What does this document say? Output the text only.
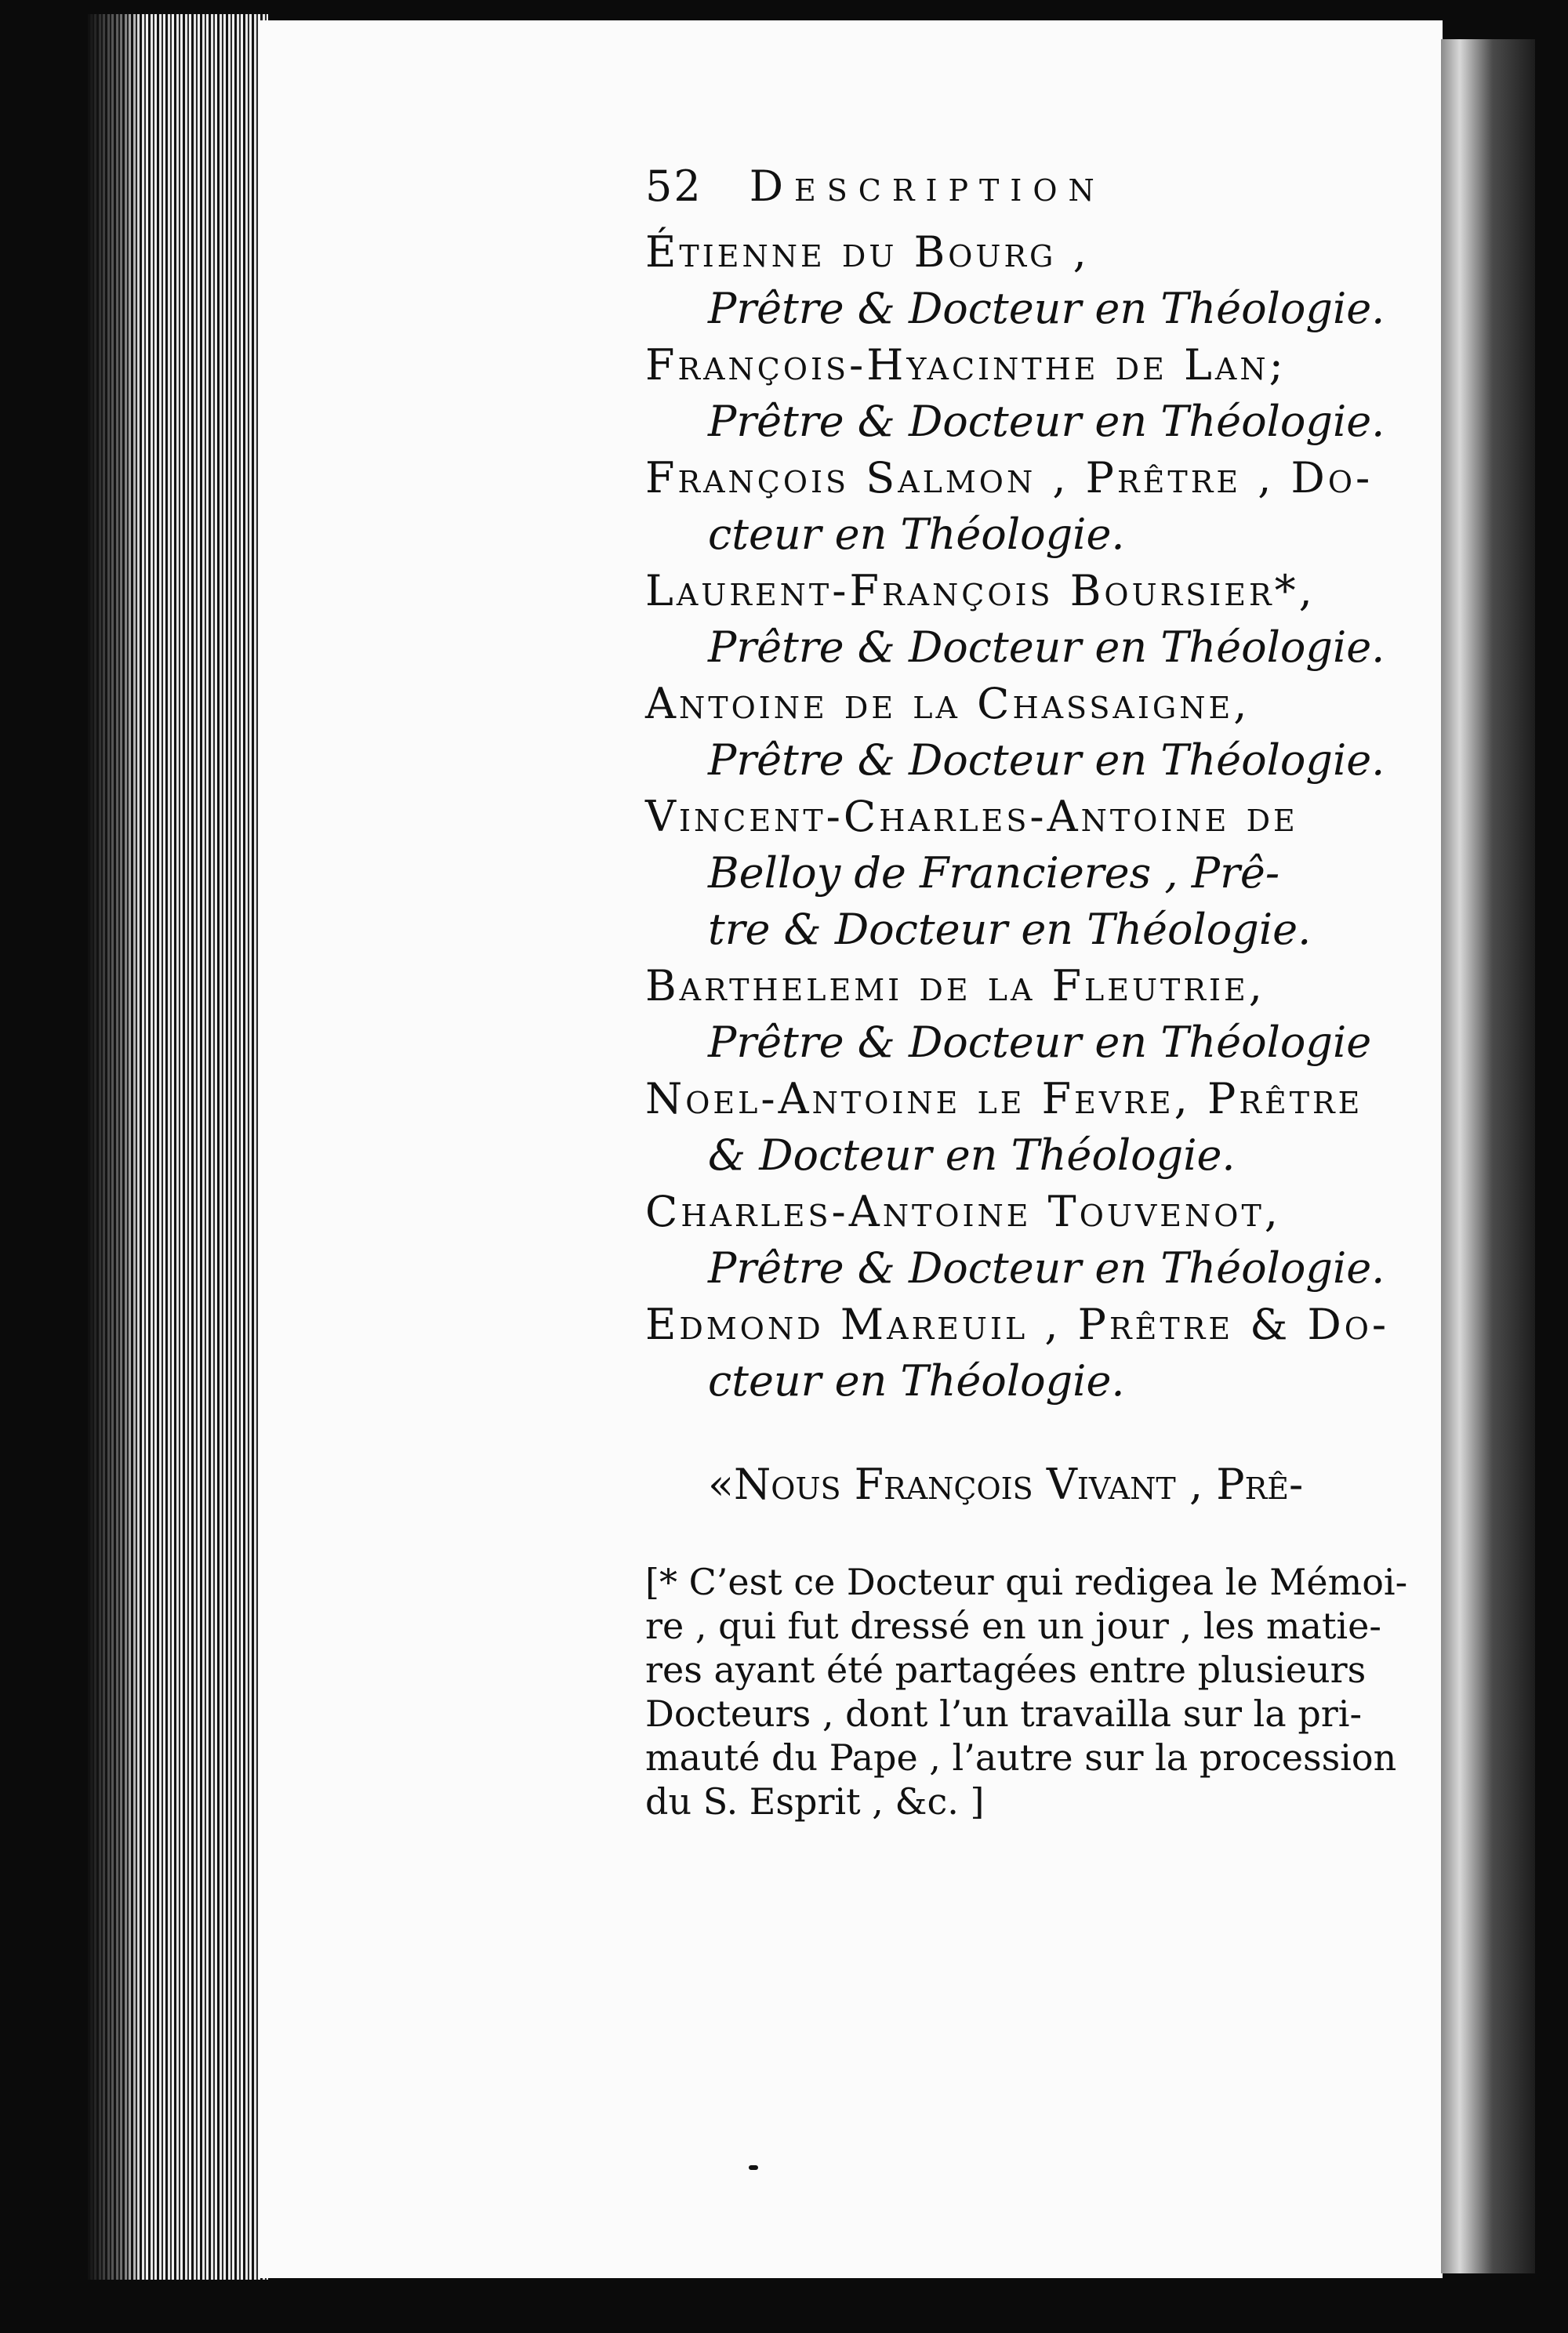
52 Description
Étienne du Bourg ,
Prêtre & Docteur en Théologie.
François-Hyacinthe de Lan;
Prêtre & Docteur en Théologie.
François Salmon , Prêtre , Do-
cteur en Théologie.
Laurent-François Boursier*,
Prêtre & Docteur en Théologie.
Antoine de la Chassaigne,
Prêtre & Docteur en Théologie.
Vincent-Charles-Antoine de
Belloy de Francieres , Prê-
tre & Docteur en Théologie.
Barthelemi de la Fleutrie,
Prêtre & Docteur en Théologie
Noel-Antoine le Fevre, Prêtre
& Docteur en Théologie.
Charles-Antoine Touvenot,
Prêtre & Docteur en Théologie.
Edmond Mareuil , Prêtre & Do-
cteur en Théologie.
«Nous François Vivant , Prê-
[* C’est ce Docteur qui redigea le Mémoi-
re , qui fut dressé en un jour , les matie-
res ayant été partagées entre plusieurs
Docteurs , dont l’un travailla sur la pri-
mauté du Pape , l’autre sur la procession
du S. Esprit , &c. ]
